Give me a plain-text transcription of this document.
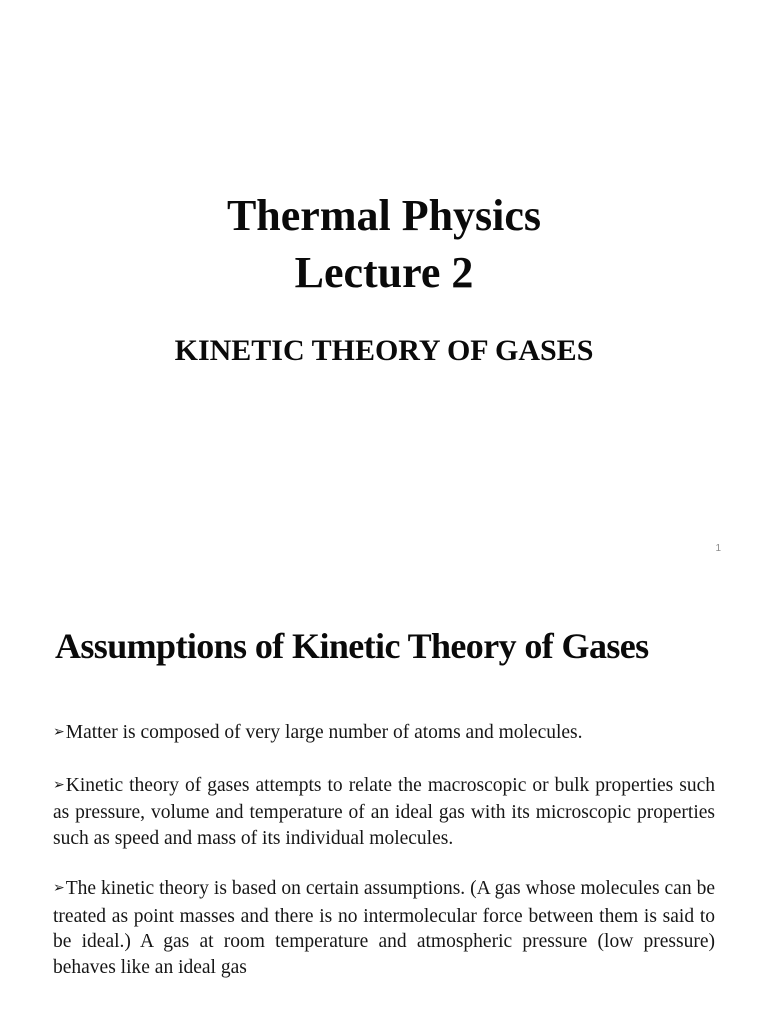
Thermal Physics
Lecture 2
KINETIC THEORY OF GASES
1
Assumptions of Kinetic Theory of Gases
➢Matter is composed of very large number of atoms and molecules.
➢Kinetic theory of gases attempts to relate the macroscopic or bulk properties such as pressure, volume and temperature of an ideal gas with its microscopic properties such as speed and mass of its individual molecules.
➢The kinetic theory is based on certain assumptions. (A gas whose molecules can be treated as point masses and there is no intermolecular force between them is said to be ideal.) A gas at room temperature and atmospheric pressure (low pressure) behaves like an ideal gas
